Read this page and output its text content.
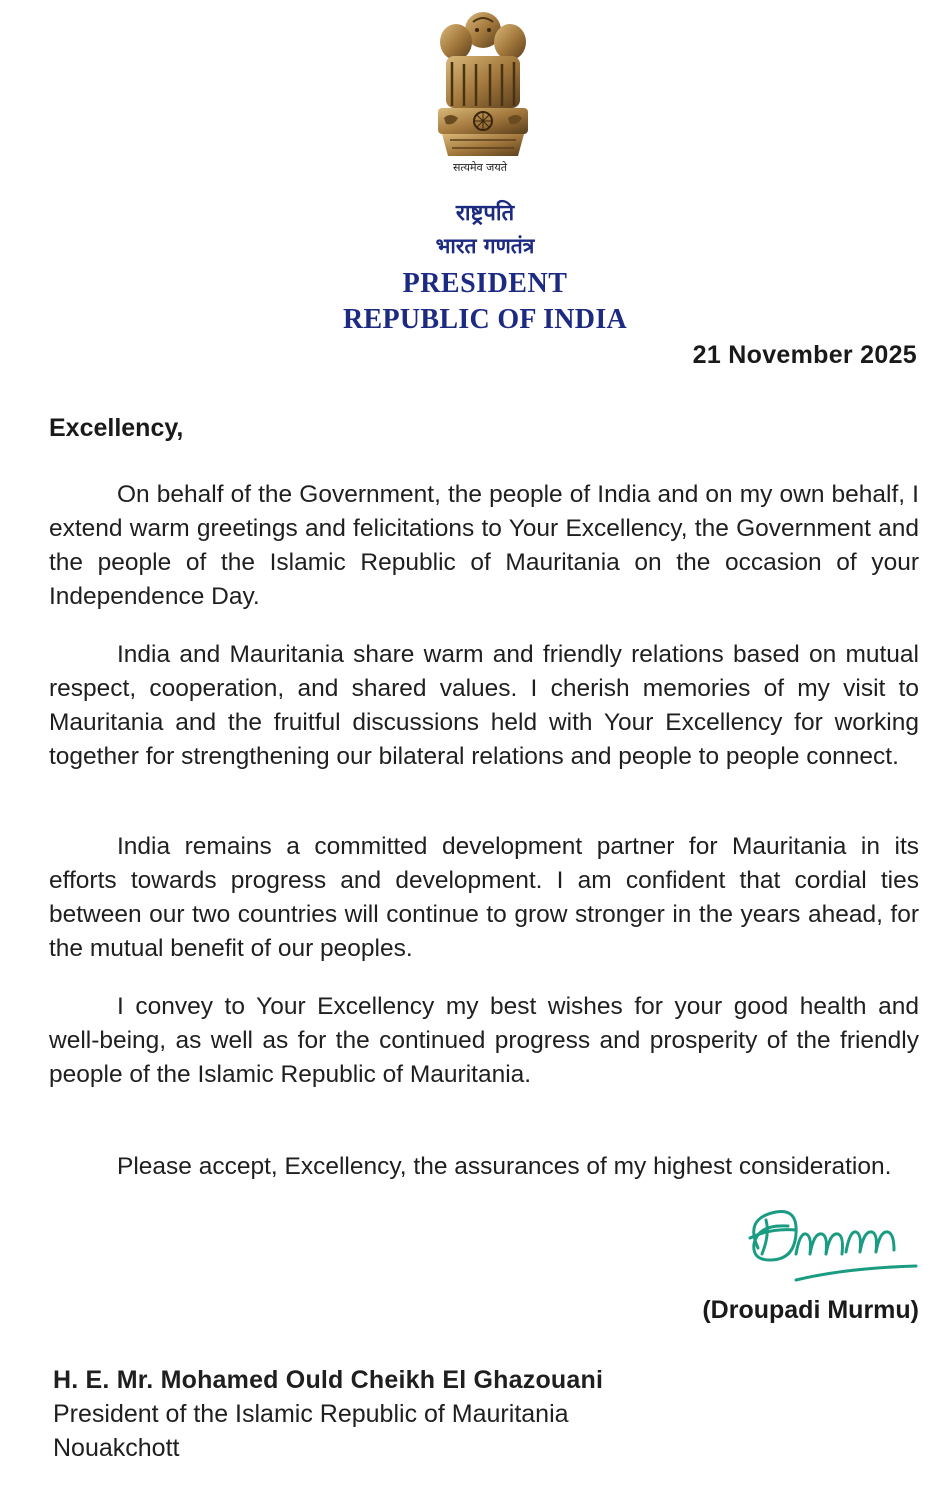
सत्यमेव जयते
राष्ट्रपति
भारत गणतंत्र
PRESIDENT
REPUBLIC OF INDIA
21 November 2025
Excellency,

On behalf of the Government, the people of India and on my own behalf, I extend warm greetings and felicitations to Your Excellency, the Government and the people of the Islamic Republic of Mauritania on the occasion of your Independence Day.

India and Mauritania share warm and friendly relations based on mutual respect, cooperation, and shared values. I cherish memories of my visit to Mauritania and the fruitful discussions held with Your Excellency for working together for strengthening our bilateral relations and people to people connect.

India remains a committed development partner for Mauritania in its efforts towards progress and development. I am confident that cordial ties between our two countries will continue to grow stronger in the years ahead, for the mutual benefit of our peoples.

I convey to Your Excellency my best wishes for your good health and well-being, as well as for the continued progress and prosperity of the friendly people of the Islamic Republic of Mauritania.

Please accept, Excellency, the assurances of my highest consideration.

(Droupadi Murmu)
H. E. Mr. Mohamed Ould Cheikh El Ghazouani
President of the Islamic Republic of Mauritania
Nouakchott
